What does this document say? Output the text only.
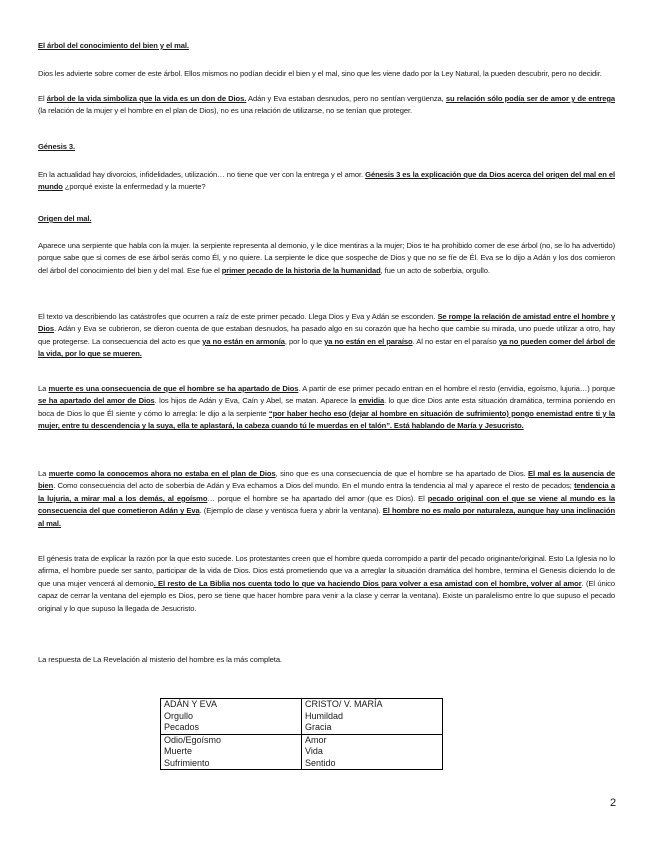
El árbol del conocimiento del bien y el mal.
Dios les advierte sobre comer de este árbol. Ellos mismos no podían decidir el bien y el mal, sino que les viene dado por la Ley Natural, la pueden descubrir, pero no decidir.
El árbol de la vida simboliza que la vida es un don de Dios. Adán y Eva estaban desnudos, pero no sentían vergüenza, su relación sólo podía ser de amor y de entrega (la relación de la mujer y el hombre en el plan de Dios), no es una relación de utilizarse, no se tenían que proteger.
Génesis 3.
En la actualidad hay divorcios, infidelidades, utilización… no tiene que ver con la entrega y el amor. Génesis 3 es la explicación que da Dios acerca del origen del mal en el mundo ¿porqué existe la enfermedad y la muerte?
Origen del mal.
Aparece una serpiente que habla con la mujer. la serpiente representa al demonio, y le dice mentiras a la mujer; Dios te ha prohibido comer de ese árbol (no, se lo ha advertido) porque sabe que si comes de ese árbol serás como Él, y no quiere. La serpiente le dice que sospeche de Dios y que no se fíe de Él. Eva se lo dijo a Adán y los dos comieron del árbol del conocimiento del bien y del mal. Ese fue el primer pecado de la historia de la humanidad, fue un acto de soberbia, orgullo.
El texto va describiendo las catástrofes que ocurren a raíz de este primer pecado. Llega Dios y Eva y Adán se esconden. Se rompe la relación de amistad entre el hombre y Dios. Adán y Eva se cubrieron, se dieron cuenta de que estaban desnudos, ha pasado algo en su corazón que ha hecho que cambie su mirada, uno puede utilizar a otro, hay que protegerse. La consecuencia del acto es que ya no están en armonía, por lo que ya no están en el paraíso. Al no estar en el paraíso ya no pueden comer del árbol de la vida, por lo que se mueren.
La muerte es una consecuencia de que el hombre se ha apartado de Dios. A partir de ese primer pecado entran en el hombre el resto (envidia, egoísmo, lujuria…) porque se ha apartado del amor de Dios. los hijos de Adán y Eva, Caín y Abel, se matan. Aparece la envidia. lo que dice Dios ante esta situación dramática, termina poniendo en boca de Dios lo que Él siente y cómo lo arregla: le dijo a la serpiente “por haber hecho eso (dejar al hombre en situación de sufrimiento) pongo enemistad entre ti y la mujer, entre tu descendencia y la suya, ella te aplastará, la cabeza cuando tú le muerdas en el talón”. Está hablando de María y Jesucristo.
La muerte como la conocemos ahora no estaba en el plan de Dios, sino que es una consecuencia de que el hombre se ha apartado de Dios. El mal es la ausencia de bien. Como consecuencia del acto de soberbia de Adán y Eva echamos a Dios del mundo. En el mundo entra la tendencia al mal y aparece el resto de pecados; tendencia a la lujuria, a mirar mal a los demás, al egoísmo… porque el hombre se ha apartado del amor (que es Dios). El pecado original con el que se viene al mundo es la consecuencia del que cometieron Adán y Eva. (Ejemplo de clase y ventisca fuera y abrir la ventana). El hombre no es malo por naturaleza, aunque hay una inclinación al mal.
El génesis trata de explicar la razón por la que esto sucede. Los protestantes creen que el hombre queda corrompido a partir del pecado originante/original. Esto La Iglesia no lo afirma, el hombre puede ser santo, participar de la vida de Dios. Dios está prometiendo que va a arreglar la situación dramática del hombre, termina el Genesis diciendo lo de que una mujer vencerá al demonio. El resto de La Biblia nos cuenta todo lo que va haciendo Dios para volver a esa amistad con el hombre, volver al amor. (El único capaz de cerrar la ventana del ejemplo es Dios, pero se tiene que hacer hombre para venir a la clase y cerrar la ventana). Existe un paralelismo entre lo que supuso el pecado original y lo que supuso la llegada de Jesucristo.
La respuesta de La Revelación al misterio del hombre es la más completa.
ADÁN Y EVA	CRISTO/ V. MARÍA
Orgullo	Humildad
Pecados	Gracia
Odio/Egoísmo	Amor
Muerte	Vida
Sufrimiento	Sentido
2
